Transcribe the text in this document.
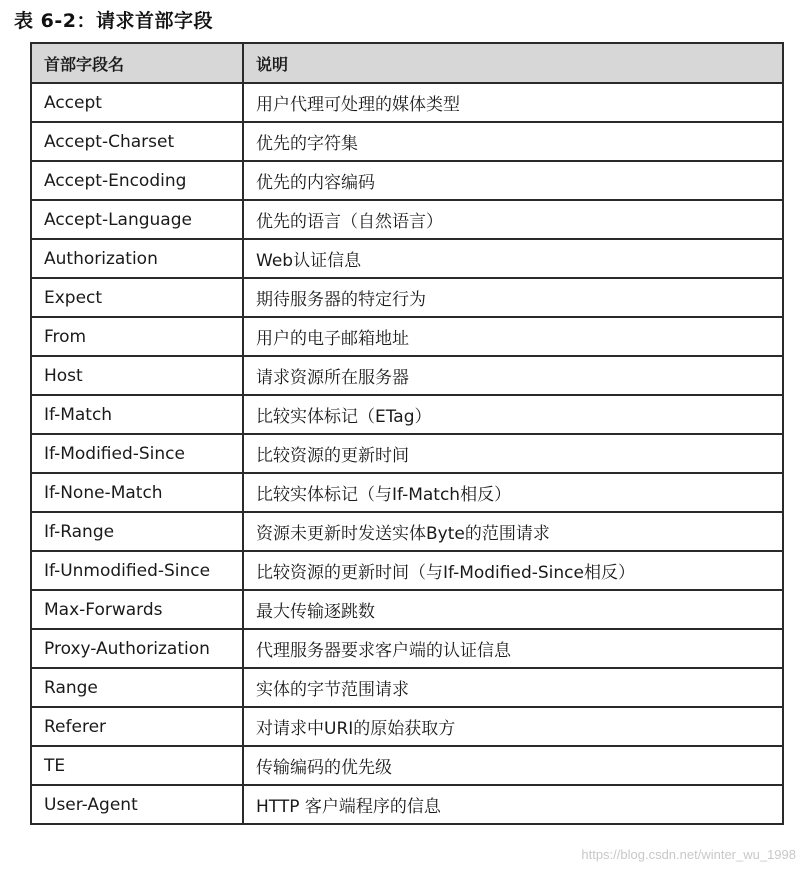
表 6-2：请求首部字段
首部字段名	说明
Accept	用户代理可处理的媒体类型
Accept-Charset	优先的字符集
Accept-Encoding	优先的内容编码
Accept-Language	优先的语言（自然语言）
Authorization	Web认证信息
Expect	期待服务器的特定行为
From	用户的电子邮箱地址
Host	请求资源所在服务器
If-Match	比较实体标记（ETag）
If-Modified-Since	比较资源的更新时间
If-None-Match	比较实体标记（与If-Match相反）
If-Range	资源未更新时发送实体Byte的范围请求
If-Unmodified-Since	比较资源的更新时间（与If-Modified-Since相反）
Max-Forwards	最大传输逐跳数
Proxy-Authorization	代理服务器要求客户端的认证信息
Range	实体的字节范围请求
Referer	对请求中URI的原始获取方
TE	传输编码的优先级
User-Agent	HTTP 客户端程序的信息
https://blog.csdn.net/winter_wu_1998
